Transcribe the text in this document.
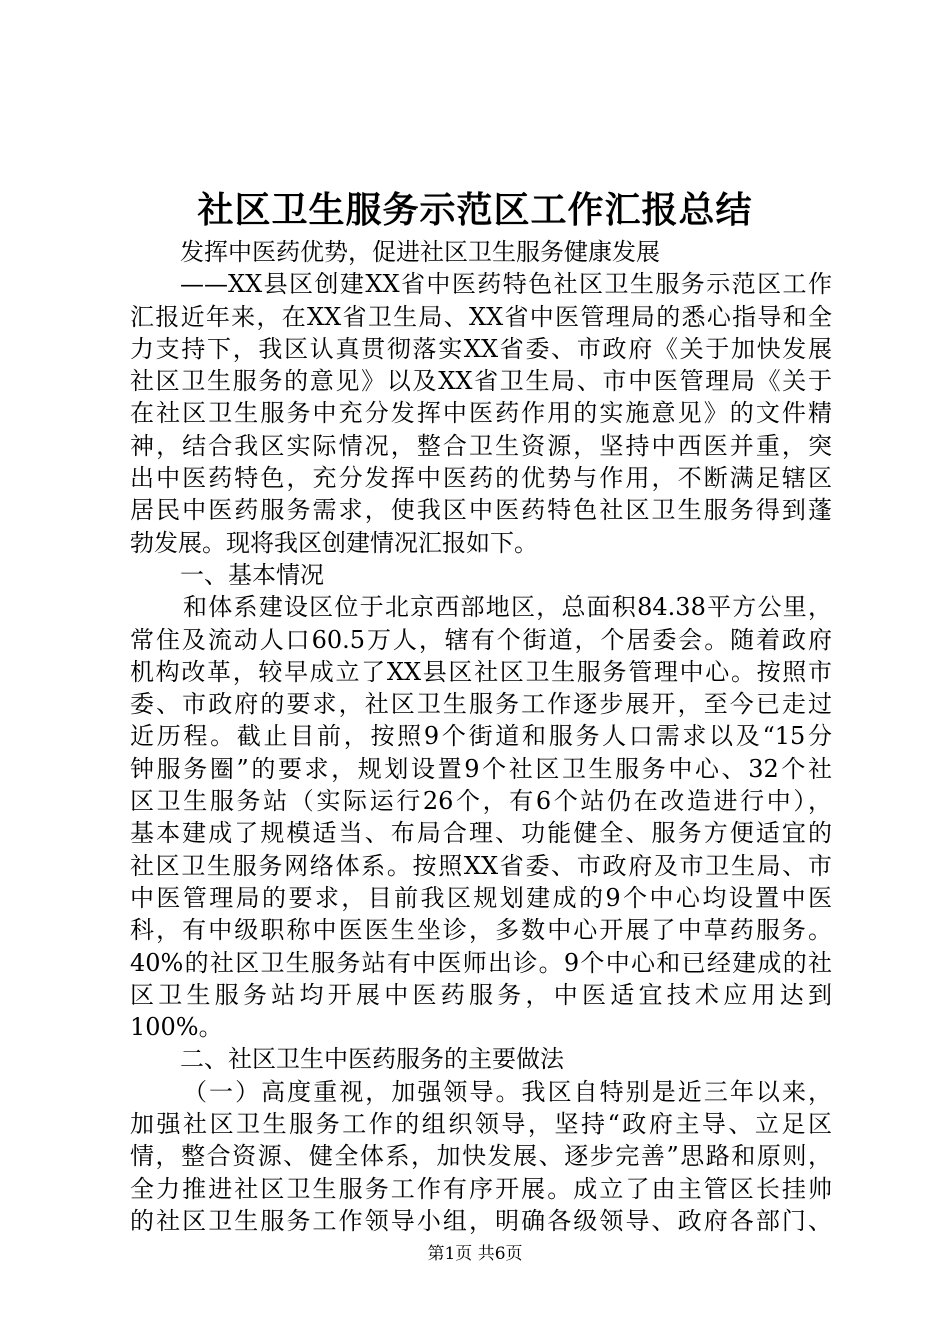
社区卫生服务示范区工作汇报总结
发挥中医药优势，促进社区卫生服务健康发展
——XX县区创建XX省中医药特色社区卫生服务示范区工作
汇报近年来，在XX省卫生局、XX省中医管理局的悉心指导和全
力支持下，我区认真贯彻落实XX省委、市政府《关于加快发展
社区卫生服务的意见》以及XX省卫生局、市中医管理局《关于
在社区卫生服务中充分发挥中医药作用的实施意见》的文件精
神，结合我区实际情况，整合卫生资源，坚持中西医并重，突
出中医药特色，充分发挥中医药的优势与作用，不断满足辖区
居民中医药服务需求，使我区中医药特色社区卫生服务得到蓬
勃发展。现将我区创建情况汇报如下。
一、基本情况
和体系建设区位于北京西部地区，总面积84.38平方公里，
常住及流动人口60.5万人，辖有个街道，个居委会。随着政府
机构改革，较早成立了XX县区社区卫生服务管理中心。按照市
委、市政府的要求，社区卫生服务工作逐步展开，至今已走过
近历程。截止目前，按照9个街道和服务人口需求以及“15分
钟服务圈”的要求，规划设置9个社区卫生服务中心、32个社
区卫生服务站（实际运行26个，有6个站仍在改造进行中），
基本建成了规模适当、布局合理、功能健全、服务方便适宜的
社区卫生服务网络体系。按照XX省委、市政府及市卫生局、市
中医管理局的要求，目前我区规划建成的9个中心均设置中医
科，有中级职称中医医生坐诊，多数中心开展了中草药服务。
40%的社区卫生服务站有中医师出诊。9个中心和已经建成的社
区卫生服务站均开展中医药服务，中医适宜技术应用达到
100%。
二、社区卫生中医药服务的主要做法
（一）高度重视，加强领导。我区自特别是近三年以来，
加强社区卫生服务工作的组织领导，坚持“政府主导、立足区
情，整合资源、健全体系，加快发展、逐步完善”思路和原则，
全力推进社区卫生服务工作有序开展。成立了由主管区长挂帅
的社区卫生服务工作领导小组，明确各级领导、政府各部门、
第1页 共6页
